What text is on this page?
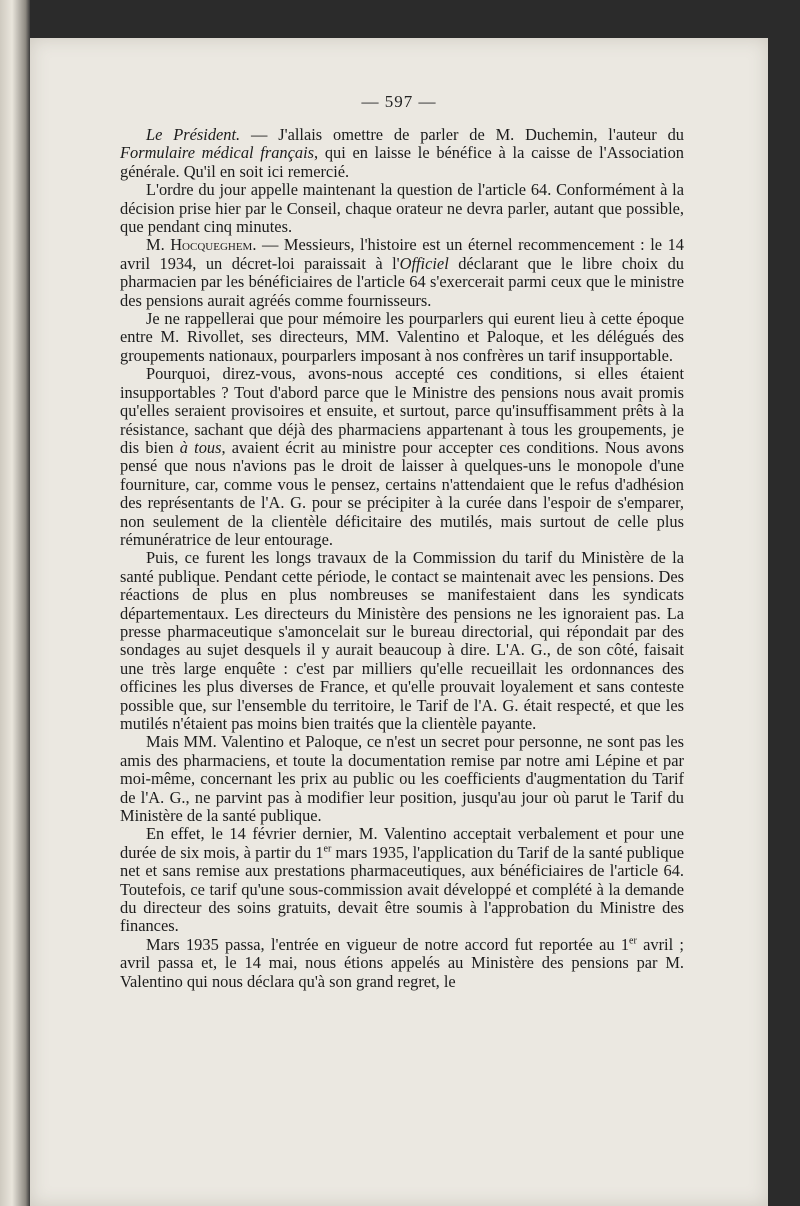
— 597 —

Le Président. — J'allais omettre de parler de M. Duchemin, l'auteur du Formulaire médical français, qui en laisse le bénéfice à la caisse de l'Association générale. Qu'il en soit ici remercié.

L'ordre du jour appelle maintenant la question de l'article 64. Conformément à la décision prise hier par le Conseil, chaque orateur ne devra parler, autant que possible, que pendant cinq minutes.

M. Hocqueghem. — Messieurs, l'histoire est un éternel recommencement : le 14 avril 1934, un décret-loi paraissait à l'Officiel déclarant que le libre choix du pharmacien par les bénéficiaires de l'article 64 s'exercerait parmi ceux que le ministre des pensions aurait agréés comme fournisseurs.

Je ne rappellerai que pour mémoire les pourparlers qui eurent lieu à cette époque entre M. Rivollet, ses directeurs, MM. Valentino et Paloque, et les délégués des groupements nationaux, pourparlers imposant à nos confrères un tarif insupportable.

Pourquoi, direz-vous, avons-nous accepté ces conditions, si elles étaient insupportables ? Tout d'abord parce que le Ministre des pensions nous avait promis qu'elles seraient provisoires et ensuite, et surtout, parce qu'insuffisamment prêts à la résistance, sachant que déjà des pharmaciens appartenant à tous les groupements, je dis bien à tous, avaient écrit au ministre pour accepter ces conditions. Nous avons pensé que nous n'avions pas le droit de laisser à quelques-uns le monopole d'une fourniture, car, comme vous le pensez, certains n'attendaient que le refus d'adhésion des représentants de l'A. G. pour se précipiter à la curée dans l'espoir de s'emparer, non seulement de la clientèle déficitaire des mutilés, mais surtout de celle plus rémunératrice de leur entourage.

Puis, ce furent les longs travaux de la Commission du tarif du Ministère de la santé publique. Pendant cette période, le contact se maintenait avec les pensions. Des réactions de plus en plus nombreuses se manifestaient dans les syndicats départementaux. Les directeurs du Ministère des pensions ne les ignoraient pas. La presse pharmaceutique s'amoncelait sur le bureau directorial, qui répondait par des sondages au sujet desquels il y aurait beaucoup à dire. L'A. G., de son côté, faisait une très large enquête : c'est par milliers qu'elle recueillait les ordonnances des officines les plus diverses de France, et qu'elle prouvait loyalement et sans conteste possible que, sur l'ensemble du territoire, le Tarif de l'A. G. était respecté, et que les mutilés n'étaient pas moins bien traités que la clientèle payante.

Mais MM. Valentino et Paloque, ce n'est un secret pour personne, ne sont pas les amis des pharmaciens, et toute la documentation remise par notre ami Lépine et par moi-même, concernant les prix au public ou les coefficients d'augmentation du Tarif de l'A. G., ne parvint pas à modifier leur position, jusqu'au jour où parut le Tarif du Ministère de la santé publique.

En effet, le 14 février dernier, M. Valentino acceptait verbalement et pour une durée de six mois, à partir du 1er mars 1935, l'application du Tarif de la santé publique net et sans remise aux prestations pharmaceutiques, aux bénéficiaires de l'article 64. Toutefois, ce tarif qu'une sous-commission avait développé et complété à la demande du directeur des soins gratuits, devait être soumis à l'approbation du Ministre des finances.

Mars 1935 passa, l'entrée en vigueur de notre accord fut reportée au 1er avril ; avril passa et, le 14 mai, nous étions appelés au Ministère des pensions par M. Valentino qui nous déclara qu'à son grand regret, le
